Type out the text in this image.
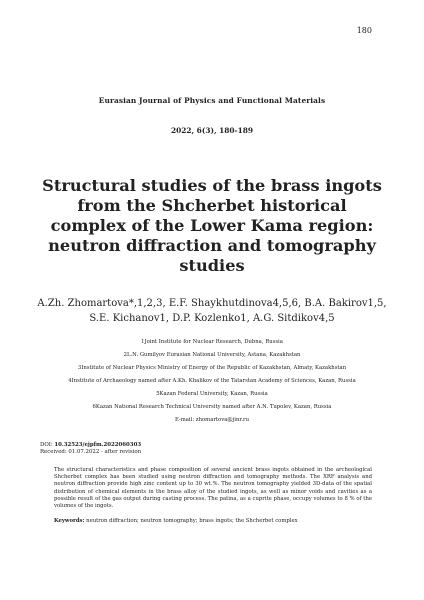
180
Eurasian Journal of Physics and Functional Materials
2022, 6(3), 180-189
Structural studies of the brass ingots
from the Shcherbet historical
complex of the Lower Kama region:
neutron diffraction and tomography
studies
A.Zh. Zhomartova*,1,2,3, E.F. Shaykhutdinova4,5,6, B.A. Bakirov1,5,
S.E. Kichanov1, D.P. Kozlenko1, A.G. Sitdikov4,5
1Joint Institute for Nuclear Research, Dubna, Russia
2L.N. Gumilyov Eurasian National University, Astana, Kazakhstan
3Institute of Nuclear Physics Ministry of Energy of the Republic of Kazakhstan, Almaty, Kazakhstan
4Institute of Archaeology named after A.Kh. Khalikov of the Tatarstan Academy of Sciences, Kazan, Russia
5Kazan Federal University, Kazan, Russia
6Kazan National Research Technical University named after A.N. Tupolev, Kazan, Russia
E-mail: zhomartova@jinr.ru
DOI: 10.32523/ejpfm.2022060303
Received: 01.07.2022 - after revision
The structural characteristics and phase composition of several ancient brass ingots obtained in the archeological Shcherbet complex has been studied using neutron diffraction and tomography methods. The XRF analysis and neutron diffraction provide high zinc content up to 30 wt.%. The neutron tomography yielded 3D-data of the spatial distribution of chemical elements in the brass alloy of the studied ingots, as well as minor voids and cavities as a possible result of the gas output during casting process. The patina, as a cuprite phase, occupy volumes to 8 % of the volumes of the ingots.
Keywords: neutron diffraction; neutron tomography; brass ingots; the Shcherbet complex
